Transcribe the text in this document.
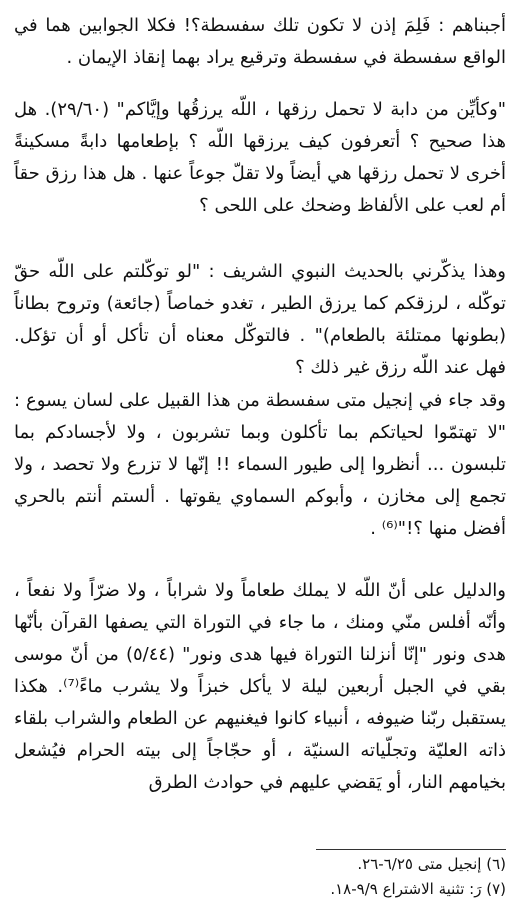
أجبناهم : فَلِمَ إذن لا تكون تلك سفسطة؟! فكلا الجوابين هما في الواقع سفسطة في سفسطة وترقيع يراد بهما إنقاذ الإيمان .
"وكأيِّن من دابة لا تحمل رزقها ، اللّه يرزقُها وإيَّاكم" (٢٩/٦٠). هل هذا صحيح ؟ أتعرفون كيف يرزقها اللّه ؟ بإطعامها دابةً مسكينةً أخرى لا تحمل رزقها هي أيضاً ولا تقلّ جوعاً عنها . هل هذا رزق حقاً أم لعب على الألفاظ وضحك على اللحى ؟
وهذا يذكّرني بالحديث النبوي الشريف : "لو توكّلتم على اللّه حقّ توكّله ، لرزقكم كما يرزق الطير ، تغدو خماصاً (جائعة) وتروح بطاناً (بطونها ممتلئة بالطعام)" . فالتوكّل معناه أن تأكل أو أن تؤكل. فهل عند اللّه رزق غير ذلك ؟
وقد جاء في إنجيل متى سفسطة من هذا القبيل على لسان يسوع : "لا تهتمّوا لحياتكم بما تأكلون وبما تشربون ، ولا لأجسادكم بما تلبسون ... أنظروا إلى طيور السماء !! إنّها لا تزرع ولا تحصد ، ولا تجمع إلى مخازن ، وأبوكم السماوي يقوتها . ألستم أنتم بالحري أفضل منها ؟!"⁽⁶⁾ .
والدليل على أنّ اللّه لا يملك طعاماً ولا شراباً ، ولا ضرّاً ولا نفعاً ، وأنّه أفلس منّي ومنك ، ما جاء في التوراة التي يصفها القرآن بأنّها هدى ونور "إنّا أنزلنا التوراة فيها هدى ونور" (٥/٤٤) من أنّ موسى بقي في الجبل أربعين ليلة لا يأكل خبزاً ولا يشرب ماءً⁽⁷⁾. هكذا يستقبل ربّنا ضيوفه ، أنبياء كانوا فيغنيهم عن الطعام والشراب بلقاء ذاته العليّة وتجلّياته السنيّة ، أو حجّاجاً إلى بيته الحرام فيُشعل بخيامهم النار، أو يَقضي عليهم في حوادث الطرق
(٦) إنجيل متى ٦/٢٥-٢٦.
(٧) رَ: تثنية الاشتراع ٩/٩-١٨.
